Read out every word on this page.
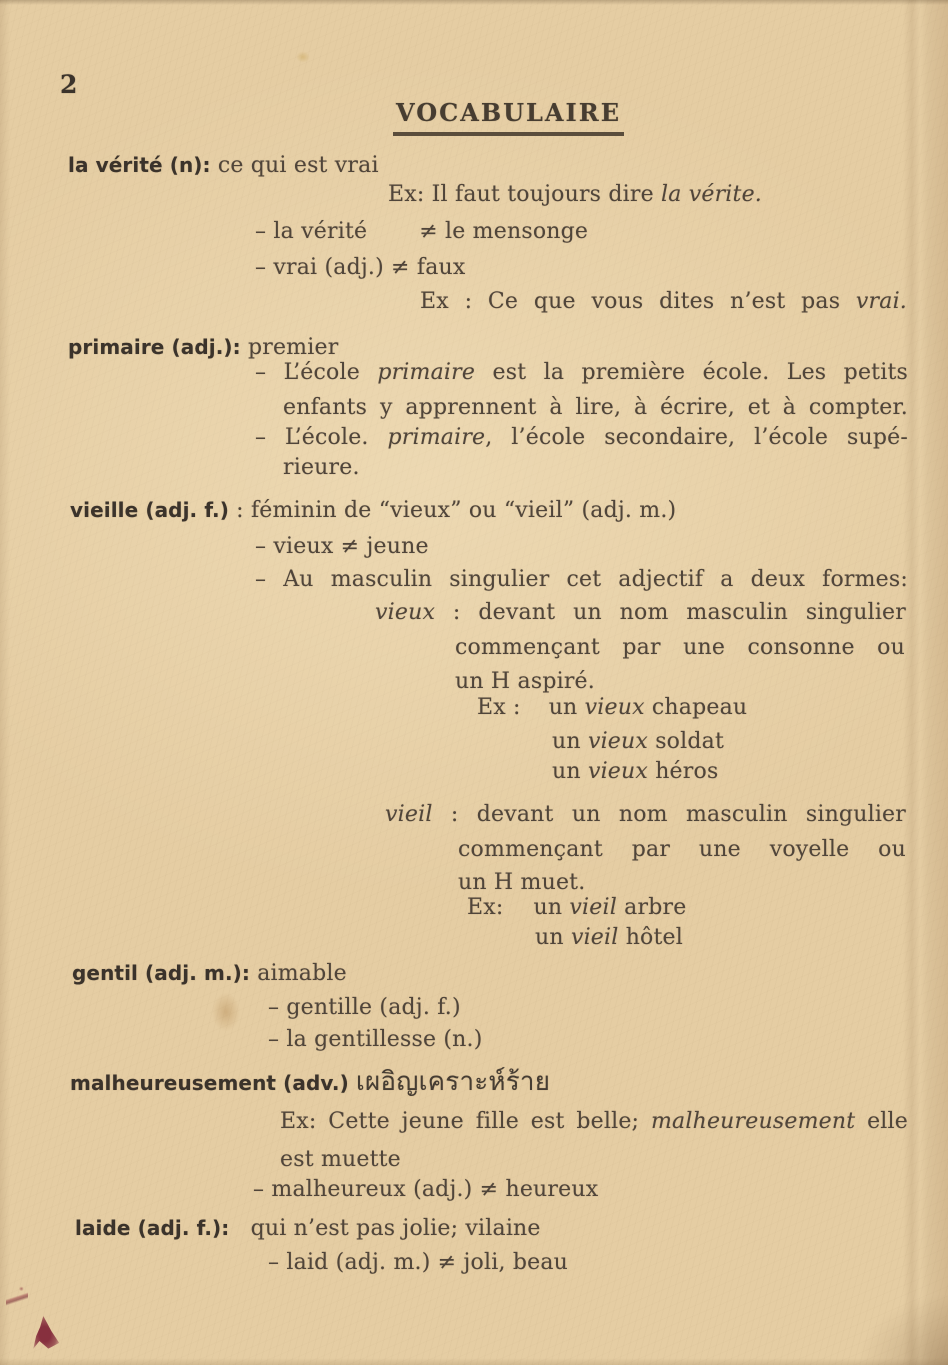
2
VOCABULAIRE
la vérité (n): ce qui est vrai
Ex: Il faut toujours dire la vérite.
– la vérité ≠ le mensonge
– vrai (adj.) ≠ faux
Ex : Ce que vous dites n’est pas vrai.
primaire (adj.): premier
– L’école primaire est la première école. Les petits
enfants y apprennent à lire, à écrire, et à compter.
– L’école. primaire, l’école secondaire, l’école supé-
rieure.
vieille (adj. f.) : féminin de “vieux” ou “vieil” (adj. m.)
– vieux ≠ jeune
– Au masculin singulier cet adjectif a deux formes:
vieux : devant un nom masculin singulier
commençant par une consonne ou
un H aspiré.
Ex : un vieux chapeau
un vieux soldat
un vieux héros
vieil : devant un nom masculin singulier
commençant par une voyelle ou
un H muet.
Ex: un vieil arbre
un vieil hôtel
gentil (adj. m.): aimable
– gentille (adj. f.)
– la gentillesse (n.)
malheureusement (adv.) เผอิญเคราะห์ร้าย
Ex: Cette jeune fille est belle; malheureusement elle
est muette
– malheureux (adj.) ≠ heureux
laide (adj. f.): qui n’est pas jolie; vilaine
– laid (adj. m.) ≠ joli, beau
